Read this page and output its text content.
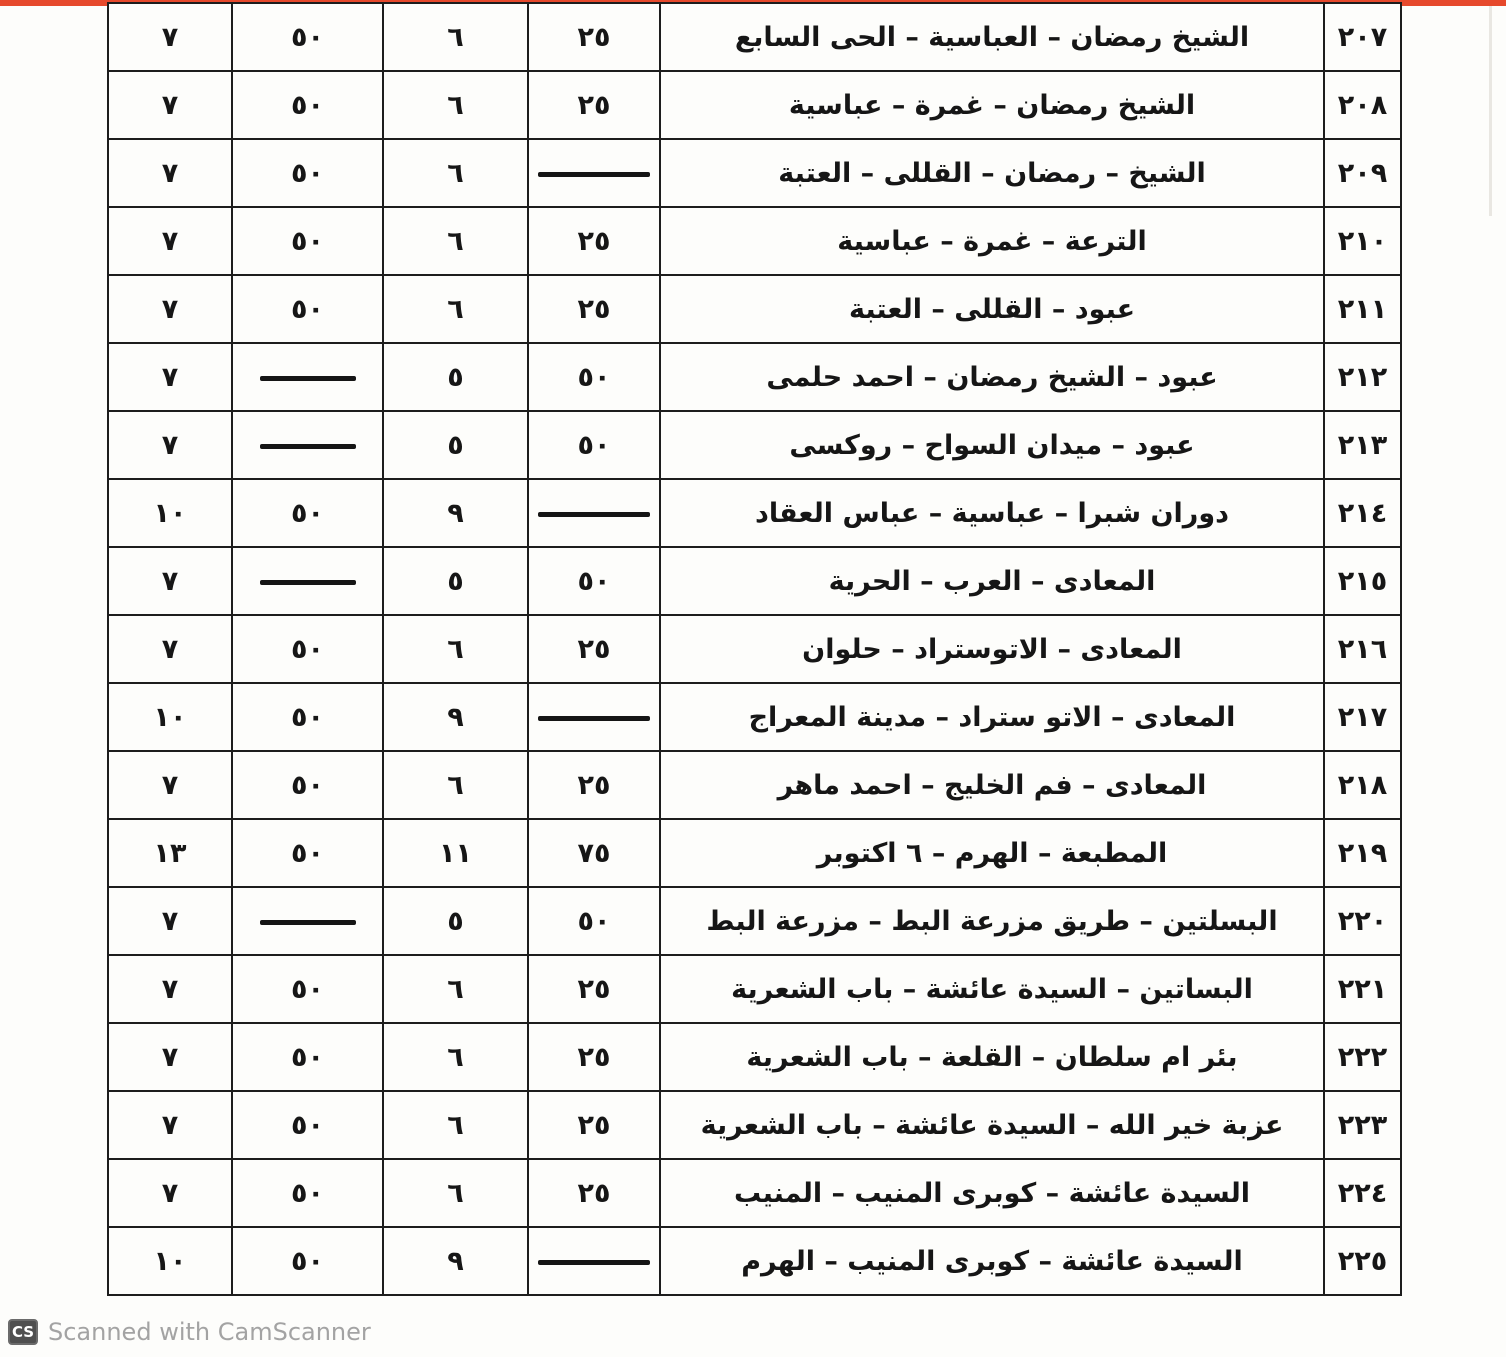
٧	٥٠	٦	٢٥	الشيخ رمضان – العباسية – الحى السابع	٢٠٧
٧	٥٠	٦	٢٥	الشيخ رمضان – غمرة – عباسية	٢٠٨
٧	٥٠	٦		الشيخ – رمضان – القللى – العتبة	٢٠٩
٧	٥٠	٦	٢٥	الترعة – غمرة – عباسية	٢١٠
٧	٥٠	٦	٢٥	عبود – القللى – العتبة	٢١١
٧		٥	٥٠	عبود – الشيخ رمضان – احمد حلمى	٢١٢
٧		٥	٥٠	عبود – ميدان السواح – روكسى	٢١٣
١٠	٥٠	٩		دوران شبرا – عباسية – عباس العقاد	٢١٤
٧		٥	٥٠	المعادى – العرب – الحرية	٢١٥
٧	٥٠	٦	٢٥	المعادى – الاتوستراد – حلوان	٢١٦
١٠	٥٠	٩		المعادى – الاتو ستراد – مدينة المعراج	٢١٧
٧	٥٠	٦	٢٥	المعادى – فم الخليج – احمد ماهر	٢١٨
١٣	٥٠	١١	٧٥	المطبعة – الهرم – ٦ اكتوبر	٢١٩
٧		٥	٥٠	البسلتين – طريق مزرعة البط – مزرعة البط	٢٢٠
٧	٥٠	٦	٢٥	البساتين – السيدة عائشة – باب الشعرية	٢٢١
٧	٥٠	٦	٢٥	بئر ام سلطان – القلعة – باب الشعرية	٢٢٢
٧	٥٠	٦	٢٥	عزبة خير الله – السيدة عائشة – باب الشعرية	٢٢٣
٧	٥٠	٦	٢٥	السيدة عائشة – كوبرى المنيب – المنيب	٢٢٤
١٠	٥٠	٩		السيدة عائشة – كوبرى المنيب – الهرم	٢٢٥
CS Scanned with CamScanner
